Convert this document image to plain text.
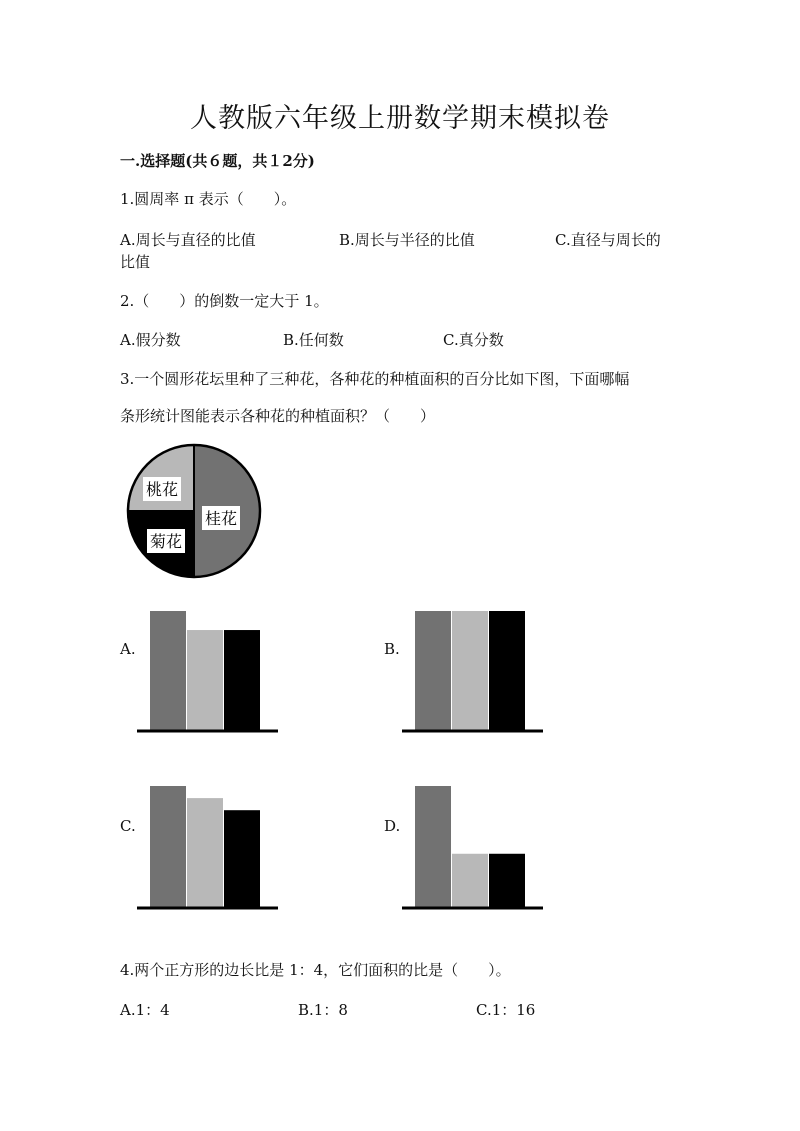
人教版六年级上册数学期末模拟卷
一.选择题(共６题，共１2分)
1.圆周率 π 表示（　　）。
A.周长与直径的比值	B.周长与半径的比值	C.直径与周长的
比值
2.（　　）的倒数一定大于 1。
A.假分数	B.任何数	C.真分数
3.一个圆形花坛里种了三种花，各种花的种植面积的百分比如下图，下面哪幅
条形统计图能表示各种花的种植面积？（　　）
桃花
桂花
菊花
A.	B.
C.	D.
4.两个正方形的边长比是 1：4，它们面积的比是（　　）。
A.1：4	B.1：8	C.1：16
